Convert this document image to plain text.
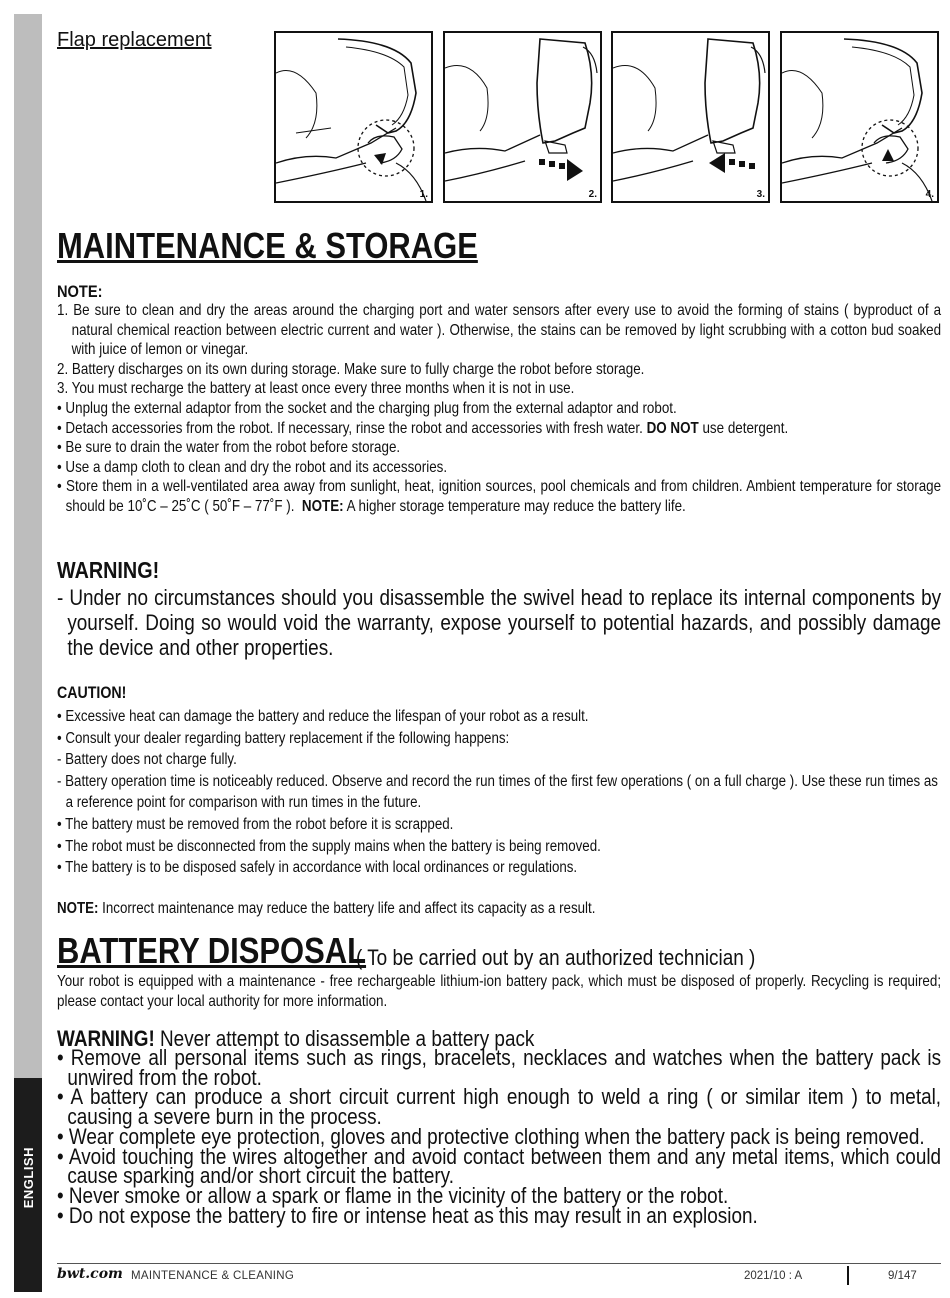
ENGLISH
Flap replacement
1.	2.	3.	4.
MAINTENANCE & STORAGE
NOTE:

1. Be sure to clean and dry the areas around the charging port and water sensors after every use to avoid the forming of stains ( byproduct of a natural chemical reaction between electric current and water ). Otherwise, the stains can be removed by light scrubbing with a cotton bud soaked with juice of lemon or vinegar.

2. Battery discharges on its own during storage. Make sure to fully charge the robot before storage.

3. You must recharge the battery at least once every three months when it is not in use.

• Unplug the external adaptor from the socket and the charging plug from the external adaptor and robot.

• Detach accessories from the robot. If necessary, rinse the robot and accessories with fresh water. DO NOT use detergent.

• Be sure to drain the water from the robot before storage.

• Use a damp cloth to clean and dry the robot and its accessories.

• Store them in a well-ventilated area away from sunlight, heat, ignition sources, pool chemicals and from children. Ambient temperature for storage should be 10˚C – 25˚C ( 50˚F – 77˚F ). NOTE: A higher storage temperature may reduce the battery life.

WARNING!

- Under no circumstances should you disassemble the swivel head to replace its internal components by yourself. Doing so would void the warranty, expose yourself to potential hazards, and possibly damage the device and other properties.

CAUTION!

• Excessive heat can damage the battery and reduce the lifespan of your robot as a result.

• Consult your dealer regarding battery replacement if the following happens:

- Battery does not charge fully.

- Battery operation time is noticeably reduced. Observe and record the run times of the first few operations ( on a full charge ). Use these run times as a reference point for comparison with run times in the future.

• The battery must be removed from the robot before it is scrapped.

• The robot must be disconnected from the supply mains when the battery is being removed.

• The battery is to be disposed safely in accordance with local ordinances or regulations.

NOTE: Incorrect maintenance may reduce the battery life and affect its capacity as a result.

BATTERY DISPOSAL
( To be carried out by an authorized technician )

Your robot is equipped with a maintenance - free rechargeable lithium-ion battery pack, which must be disposed of properly. Recycling is required; please contact your local authority for more information.

WARNING! Never attempt to disassemble a battery pack

• Remove all personal items such as rings, bracelets, necklaces and watches when the battery pack is unwired from the robot.

• A battery can produce a short circuit current high enough to weld a ring ( or similar item ) to metal, causing a severe burn in the process.

• Wear complete eye protection, gloves and protective clothing when the battery pack is being removed.

• Avoid touching the wires altogether and avoid contact between them and any metal items, which could cause sparking and/or short circuit the battery.

• Never smoke or allow a spark or flame in the vicinity of the battery or the robot.

• Do not expose the battery to fire or intense heat as this may result in an explosion.

bwt.com MAINTENANCE & CLEANING	2021/10 : A	9/147
